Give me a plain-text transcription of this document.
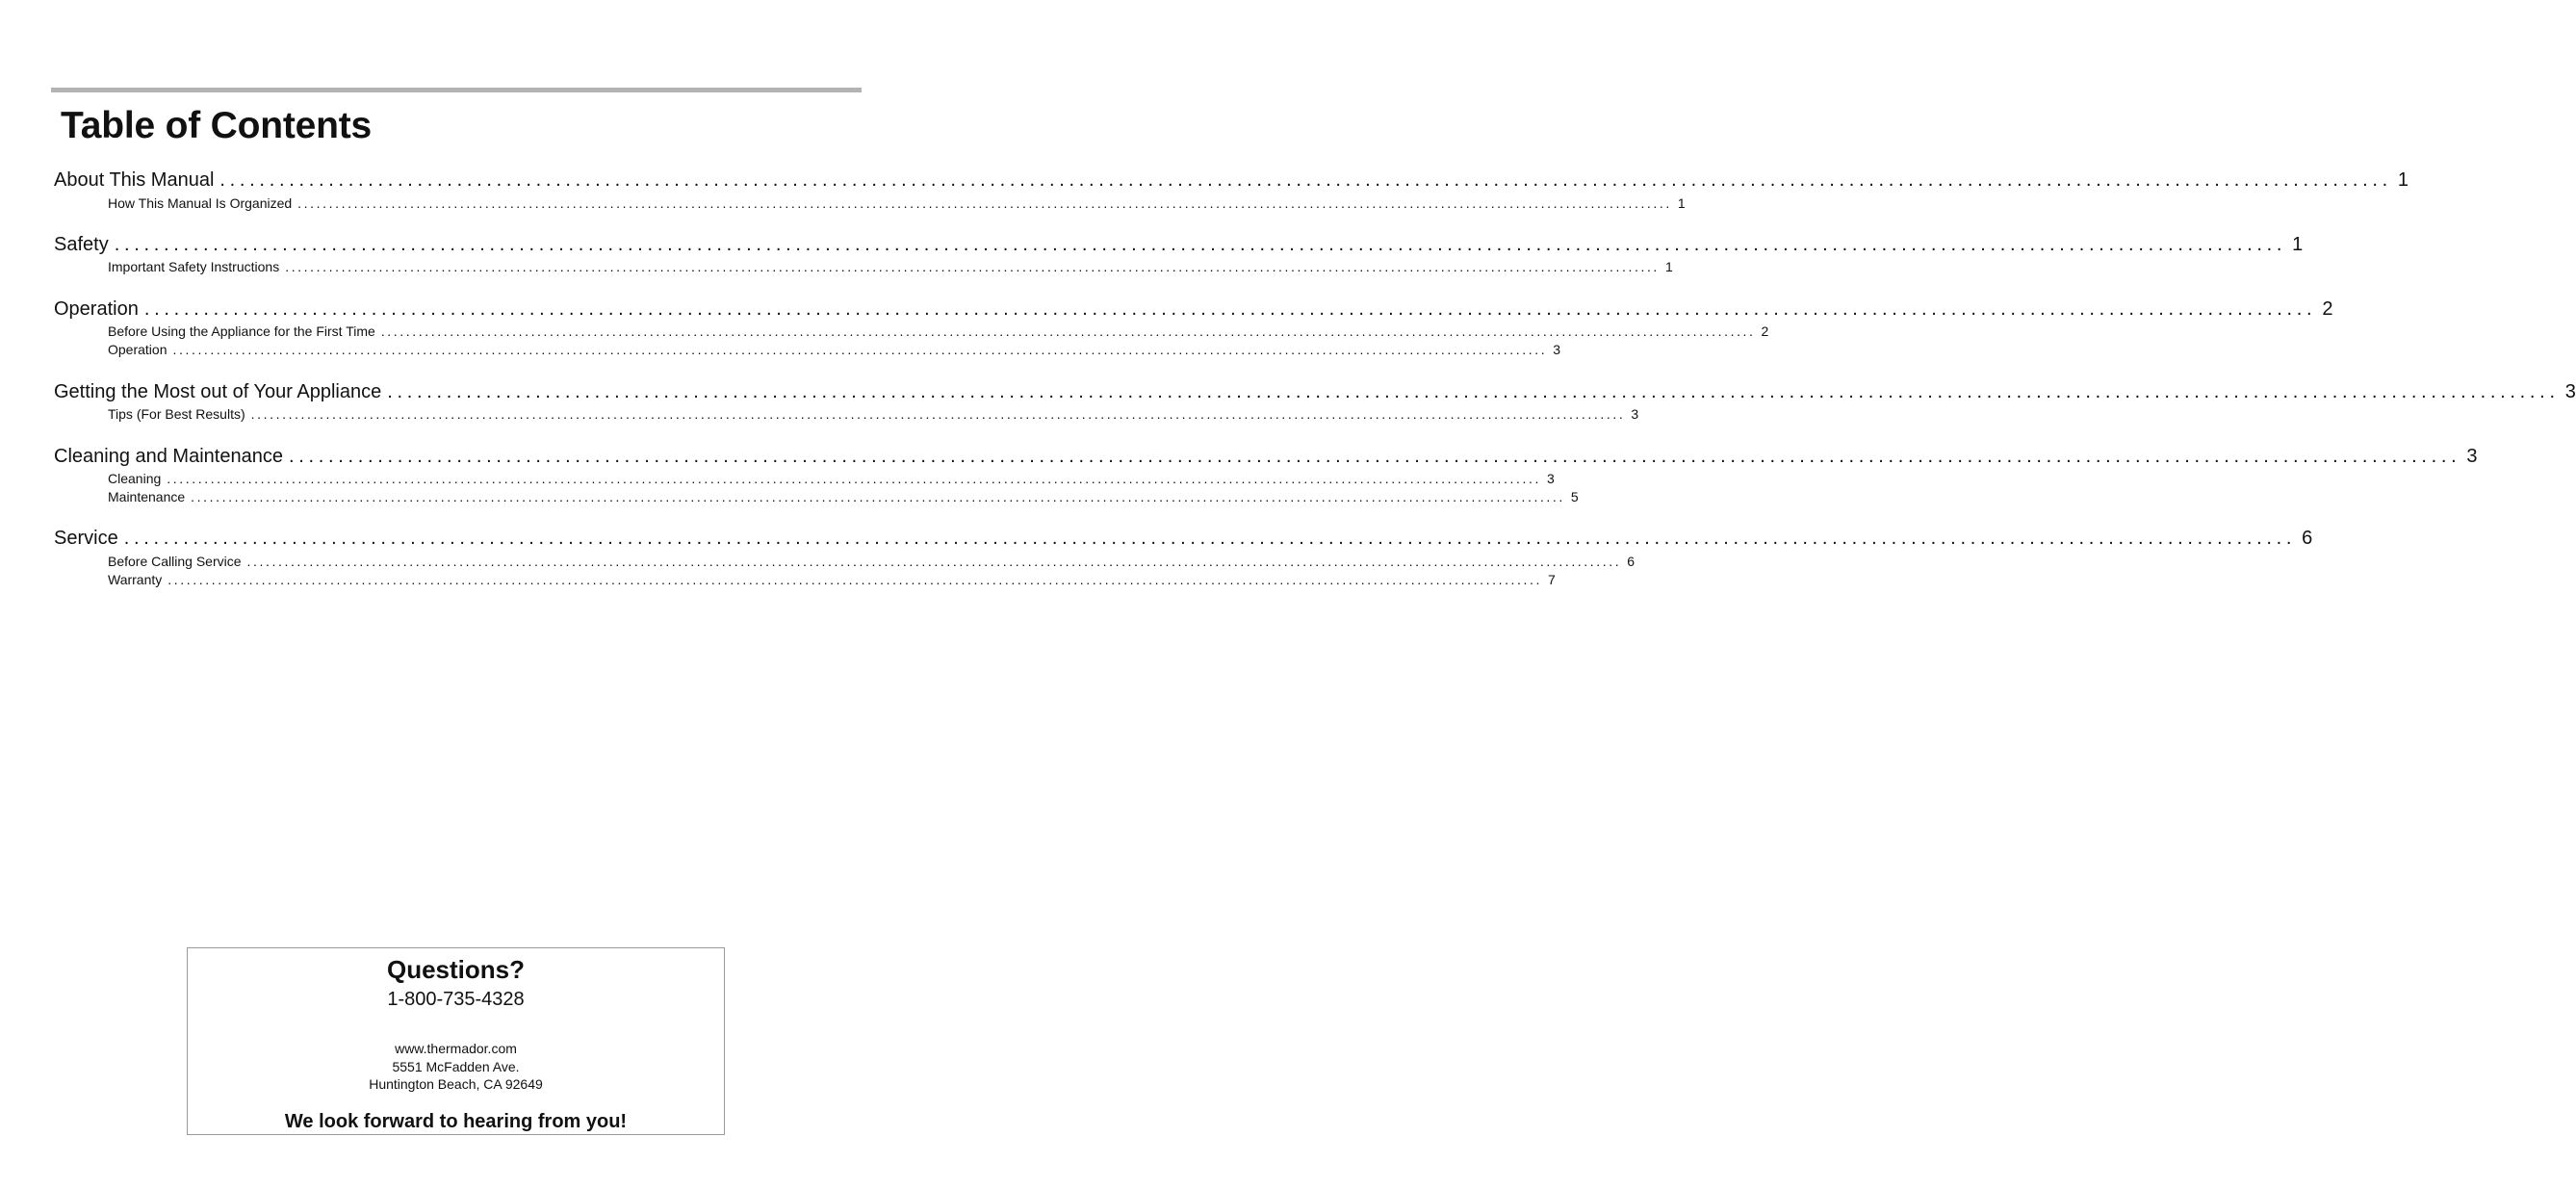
Table of Contents
About This Manual ............................................................................................................................................................................................................................ 1
How This Manual Is Organized ............................................................................................................................................................................................................................ 1
Safety ............................................................................................................................................................................................................................ 1
Important Safety Instructions ............................................................................................................................................................................................................................ 1
Operation ............................................................................................................................................................................................................................ 2
Before Using the Appliance for the First Time ............................................................................................................................................................................................................................ 2
Operation ............................................................................................................................................................................................................................ 3
Getting the Most out of Your Appliance ............................................................................................................................................................................................................................ 3
Tips (For Best Results) ............................................................................................................................................................................................................................ 3
Cleaning and Maintenance ............................................................................................................................................................................................................................ 3
Cleaning ............................................................................................................................................................................................................................ 3
Maintenance ............................................................................................................................................................................................................................ 5
Service ............................................................................................................................................................................................................................ 6
Before Calling Service ............................................................................................................................................................................................................................ 6
Warranty ............................................................................................................................................................................................................................ 7
Questions?
1-800-735-4328
www.thermador.com
5551 McFadden Ave.
Huntington Beach, CA 92649
We look forward to hearing from you!
